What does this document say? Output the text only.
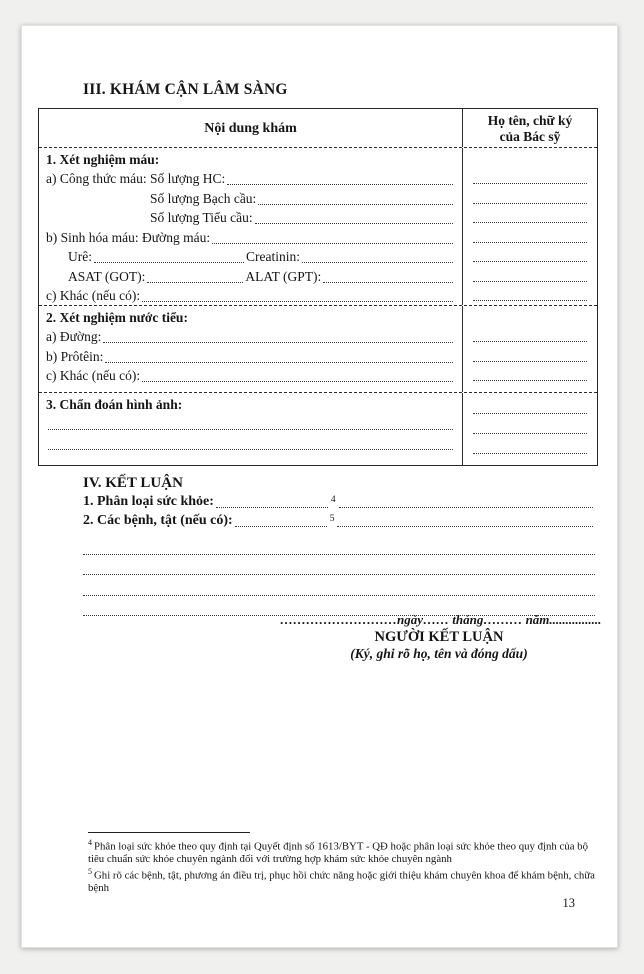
III. KHÁM CẬN LÂM SÀNG
Nội dung khám
Họ tên, chữ ký
của Bác sỹ
1. Xét nghiệm máu:
a) Công thức máu: Số lượng HC:
Số lượng Bạch cầu:
Số lượng Tiểu cầu:
b) Sinh hóa máu: Đường máu:
Urê:	Creatinin:
ASAT (GOT):	ALAT (GPT):
c) Khác (nếu có):
2. Xét nghiệm nước tiểu:
a) Đường:
b) Prôtêin:
c) Khác (nếu có):
3. Chẩn đoán hình ảnh:
IV. KẾT LUẬN
1. Phân loại sức khỏe:	4
2. Các bệnh, tật (nếu có):	5
………………………ngày…… tháng……… năm................
NGƯỜI KẾT LUẬN
(Ký, ghi rõ họ, tên và đóng dấu)

$^4$ Phân loại sức khỏe theo quy định tại Quyết định số 1613/BYT - QĐ hoặc phân loại sức khỏe theo quy định của bộ tiêu chuẩn sức khỏe chuyên ngành đối với trường hợp khám sức khỏe chuyên ngành

$^5$ Ghi rõ các bệnh, tật, phương án điều trị, phục hồi chức năng hoặc giới thiệu khám chuyên khoa để khám bệnh, chữa bệnh

13
